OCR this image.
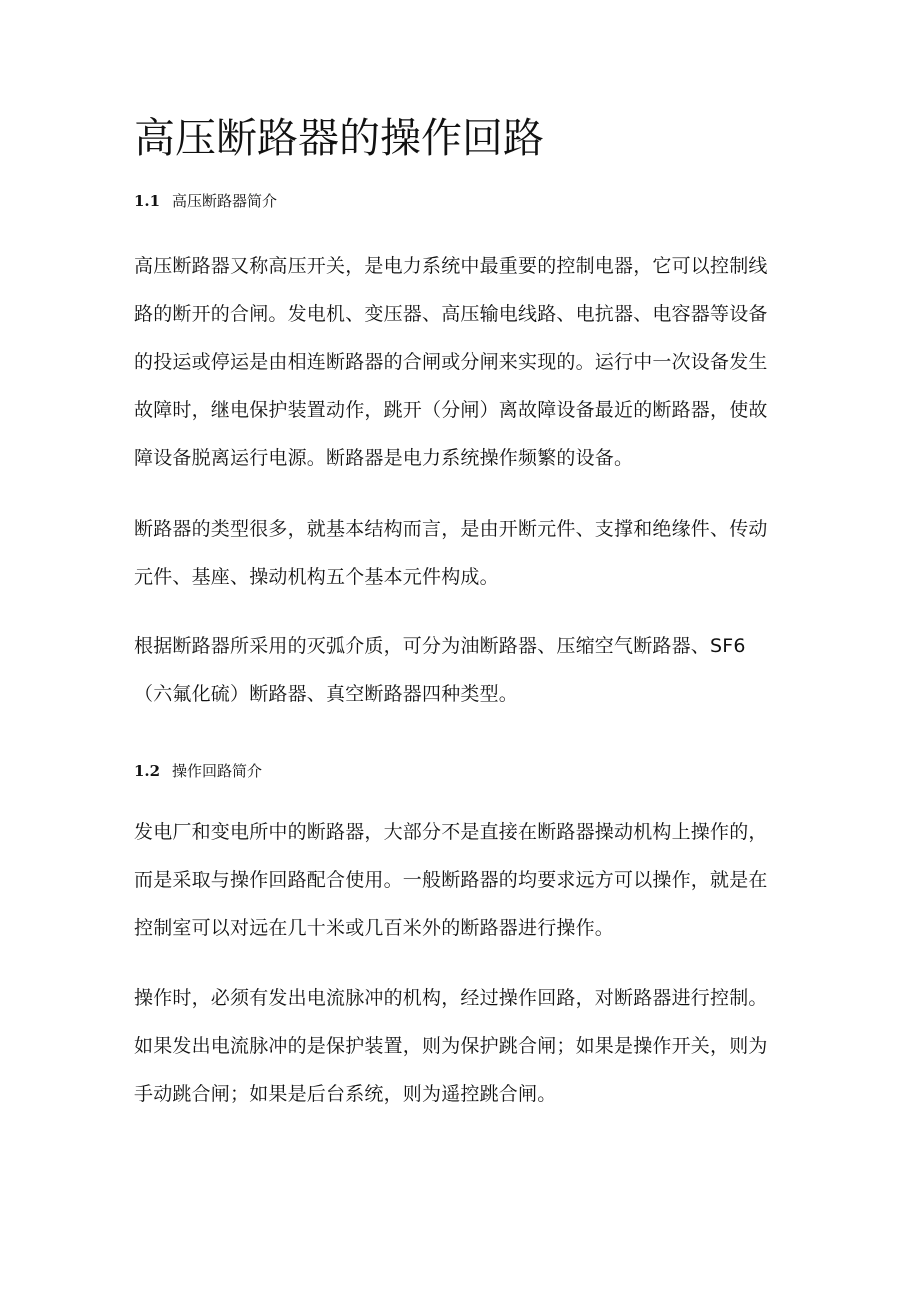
高压断路器的操作回路
1.1 高压断路器简介

高压断路器又称高压开关，是电力系统中最重要的控制电器，它可以控制线
路的断开的合闸。发电机、变压器、高压输电线路、电抗器、电容器等设备
的投运或停运是由相连断路器的合闸或分闸来实现的。运行中一次设备发生
故障时，继电保护装置动作，跳开（分闸）离故障设备最近的断路器，使故
障设备脱离运行电源。断路器是电力系统操作频繁的设备。

断路器的类型很多，就基本结构而言，是由开断元件、支撑和绝缘件、传动
元件、基座、操动机构五个基本元件构成。

根据断路器所采用的灭弧介质，可分为油断路器、压缩空气断路器、SF6
（六氟化硫）断路器、真空断路器四种类型。

1.2 操作回路简介

发电厂和变电所中的断路器，大部分不是直接在断路器操动机构上操作的，
而是采取与操作回路配合使用。一般断路器的均要求远方可以操作，就是在
控制室可以对远在几十米或几百米外的断路器进行操作。

操作时，必须有发出电流脉冲的机构，经过操作回路，对断路器进行控制。
如果发出电流脉冲的是保护装置，则为保护跳合闸；如果是操作开关，则为
手动跳合闸；如果是后台系统，则为遥控跳合闸。
